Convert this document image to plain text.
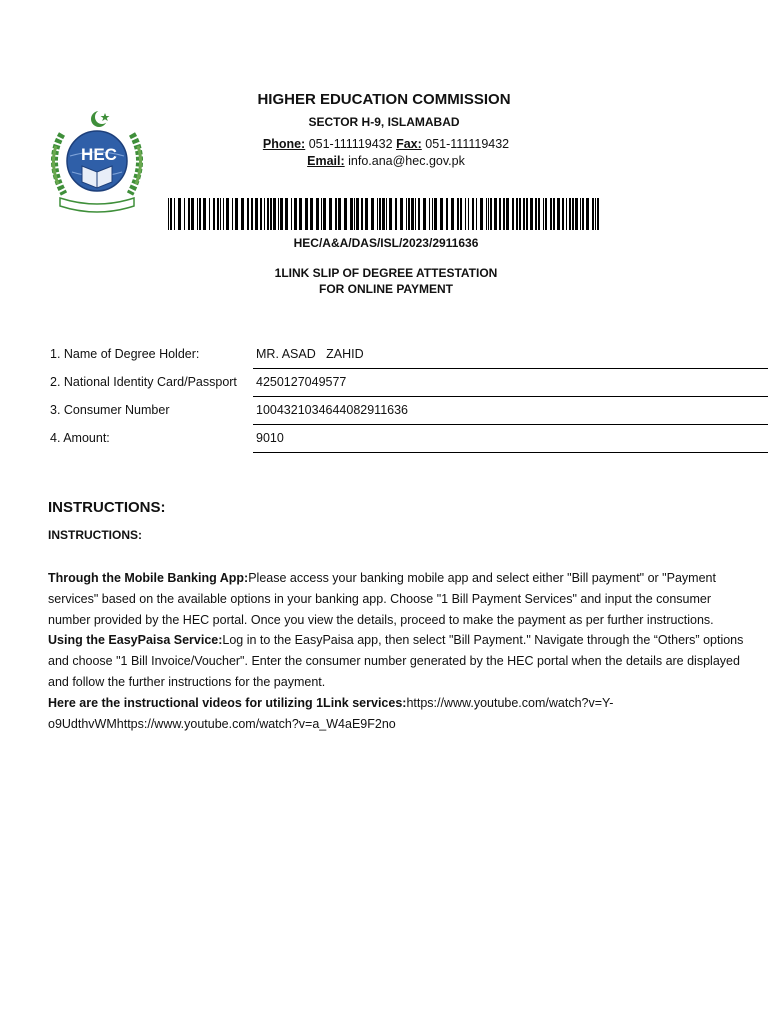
HEC
HIGHER EDUCATION COMMISSION
SECTOR H-9, ISLAMABAD
Phone: 051-111119432 Fax: 051-111119432
Email: info.ana@hec.gov.pk
HEC/A&A/DAS/ISL/2023/2911636
1LINK SLIP OF DEGREE ATTESTATION
FOR ONLINE PAYMENT
1. Name of Degree Holder:	MR. ASAD   ZAHID
2. National Identity Card/Passport 4250127049577
3. Consumer Number	1004321034644082911636
4. Amount:	9010
INSTRUCTIONS:
INSTRUCTIONS:

Through the Mobile Banking App:Please access your banking mobile app and select either "Bill payment" or "Payment services" based on the available options in your banking app. Choose "1 Bill Payment Services" and input the consumer number provided by the HEC portal. Once you view the details, proceed to make the payment as per further instructions.

Using the EasyPaisa Service:Log in to the EasyPaisa app, then select "Bill Payment." Navigate through the “Others” options and choose "1 Bill Invoice/Voucher". Enter the consumer number generated by the HEC portal when the details are displayed and follow the further instructions for the payment.

Here are the instructional videos for utilizing 1Link services:https://www.youtube.com/watch?v=Y-o9UdthvWMhttps://www.youtube.com/watch?v=a_W4aE9F2no
